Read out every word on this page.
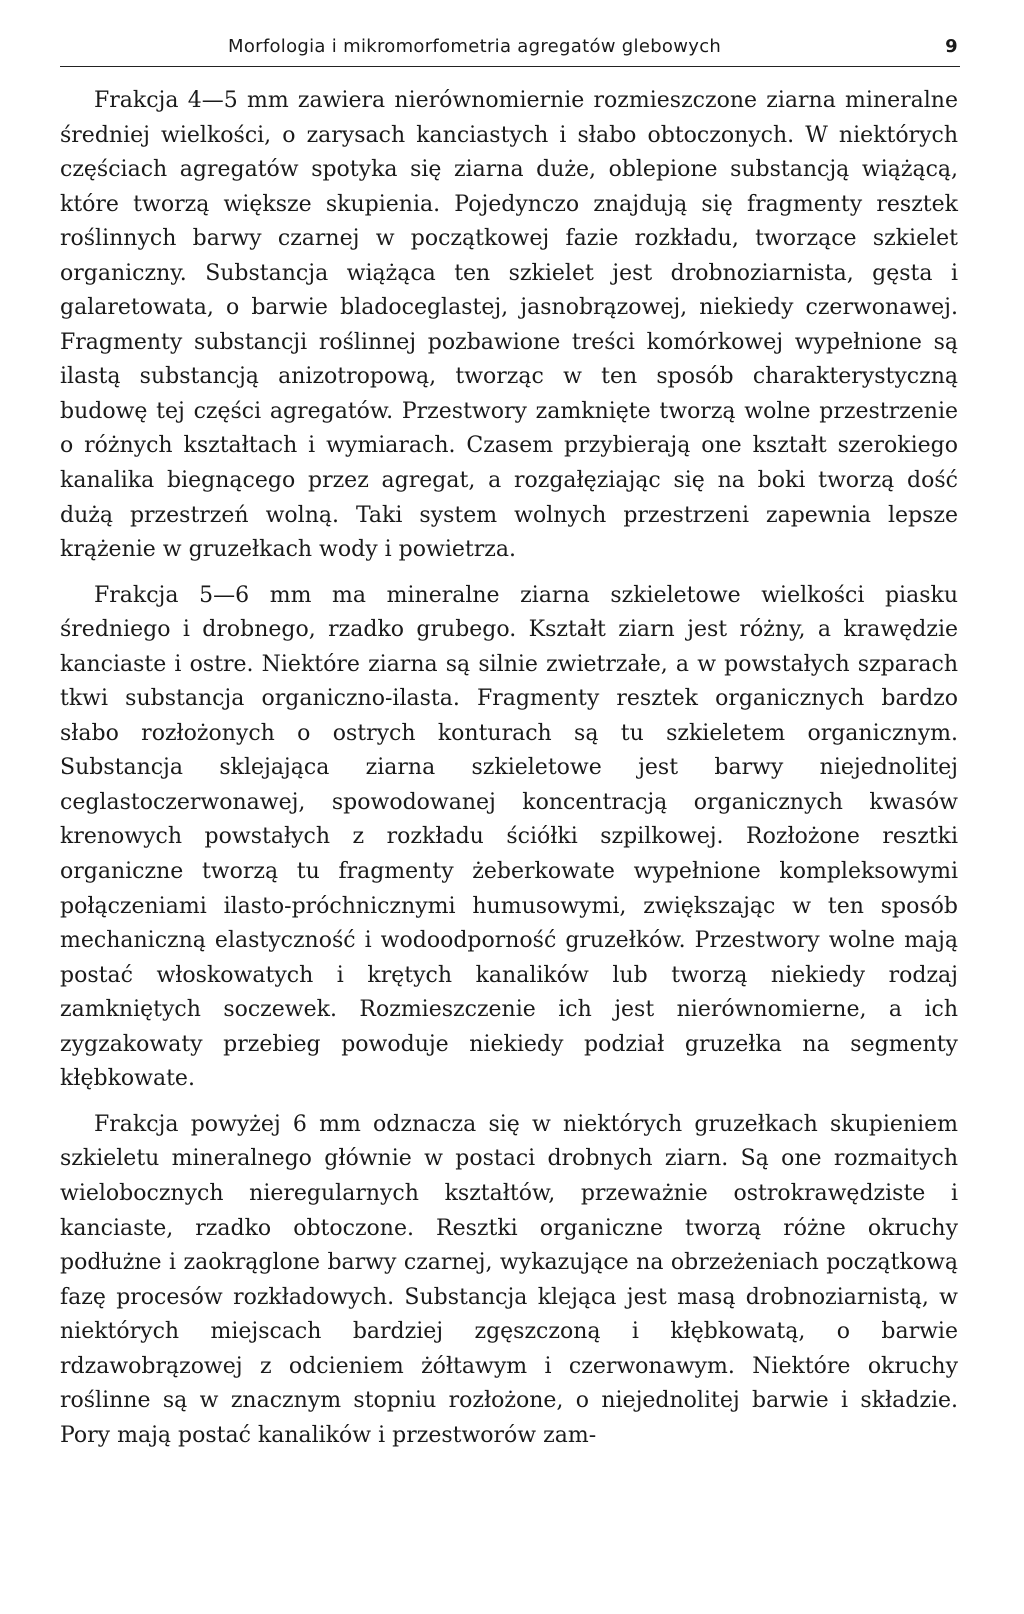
Morfologia i mikromorfometria agregatów glebowych	9

Frakcja 4—5 mm zawiera nierównomiernie rozmieszczone ziarna mineralne średniej wielkości, o zarysach kanciastych i słabo obtoczonych. W niektórych częściach agregatów spotyka się ziarna duże, oblepione substancją wiążącą, które tworzą większe skupienia. Pojedynczo znajdują się fragmenty resztek roślinnych barwy czarnej w początkowej fazie rozkładu, tworzące szkielet organiczny. Substancja wiążąca ten szkielet jest drobnoziarnista, gęsta i galaretowata, o barwie bladoceglastej, jasnobrązowej, niekiedy czerwonawej. Fragmenty substancji roślinnej pozbawione treści komórkowej wypełnione są ilastą substancją anizotropową, tworząc w ten sposób charakterystyczną budowę tej części agregatów. Przestwory zamknięte tworzą wolne przestrzenie o różnych kształtach i wymiarach. Czasem przybierają one kształt szerokiego kanalika biegnącego przez agregat, a rozgałęziając się na boki tworzą dość dużą przestrzeń wolną. Taki system wolnych przestrzeni zapewnia lepsze krążenie w gruzełkach wody i powietrza.

Frakcja 5—6 mm ma mineralne ziarna szkieletowe wielkości piasku średniego i drobnego, rzadko grubego. Kształt ziarn jest różny, a krawędzie kanciaste i ostre. Niektóre ziarna są silnie zwietrzałe, a w powstałych szparach tkwi substancja organiczno-ilasta. Fragmenty resztek organicznych bardzo słabo rozłożonych o ostrych konturach są tu szkieletem organicznym. Substancja sklejająca ziarna szkieletowe jest barwy niejednolitej ceglastoczerwonawej, spowodowanej koncentracją organicznych kwasów krenowych powstałych z rozkładu ściółki szpilkowej. Rozłożone resztki organiczne tworzą tu fragmenty żeberkowate wypełnione kompleksowymi połączeniami ilasto-próchnicznymi humusowymi, zwiększając w ten sposób mechaniczną elastyczność i wodoodporność gruzełków. Przestwory wolne mają postać włoskowatych i krętych kanalików lub tworzą niekiedy rodzaj zamkniętych soczewek. Rozmieszczenie ich jest nierównomierne, a ich zygzakowaty przebieg powoduje niekiedy podział gruzełka na segmenty kłębkowate.

Frakcja powyżej 6 mm odznacza się w niektórych gruzełkach skupieniem szkieletu mineralnego głównie w postaci drobnych ziarn. Są one rozmaitych wielobocznych nieregularnych kształtów, przeważnie ostrokrawędziste i kanciaste, rzadko obtoczone. Resztki organiczne tworzą różne okruchy podłużne i zaokrąglone barwy czarnej, wykazujące na obrzeżeniach początkową fazę procesów rozkładowych. Substancja klejąca jest masą drobnoziarnistą, w niektórych miejscach bardziej zgęszczoną i kłębkowatą, o barwie rdzawobrązowej z odcieniem żółtawym i czerwonawym. Niektóre okruchy roślinne są w znacznym stopniu rozłożone, o niejednolitej barwie i składzie. Pory mają postać kanalików i przestworów zam-
